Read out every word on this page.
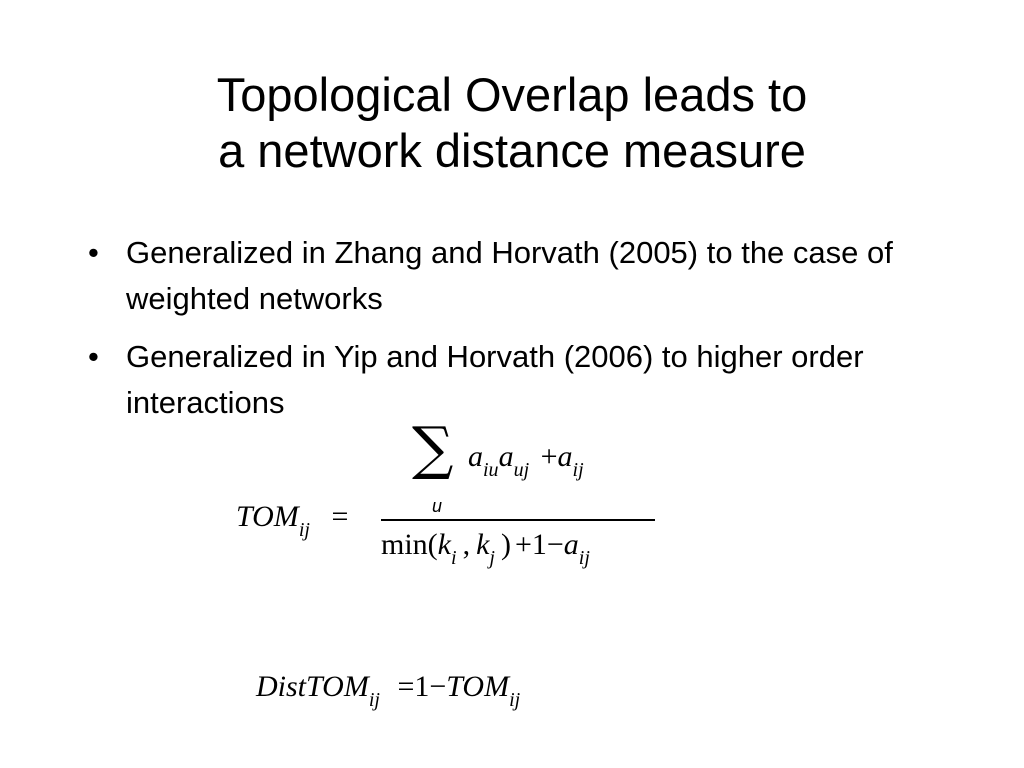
Topological Overlap leads to
a network distance measure
• Generalized in Zhang and Horvath (2005) to the case of weighted networks
• Generalized in Yip and Horvath (2006) to higher order interactions
$TOM_{ij}$ =
∑
u
$a_{iu}a_{uj} +a_{ij}$
$\min(k_i$ , $k_j$ ) $+1-a_{ij}$
DistTOM$_{ij}$ $=1-TOM_{ij}$
